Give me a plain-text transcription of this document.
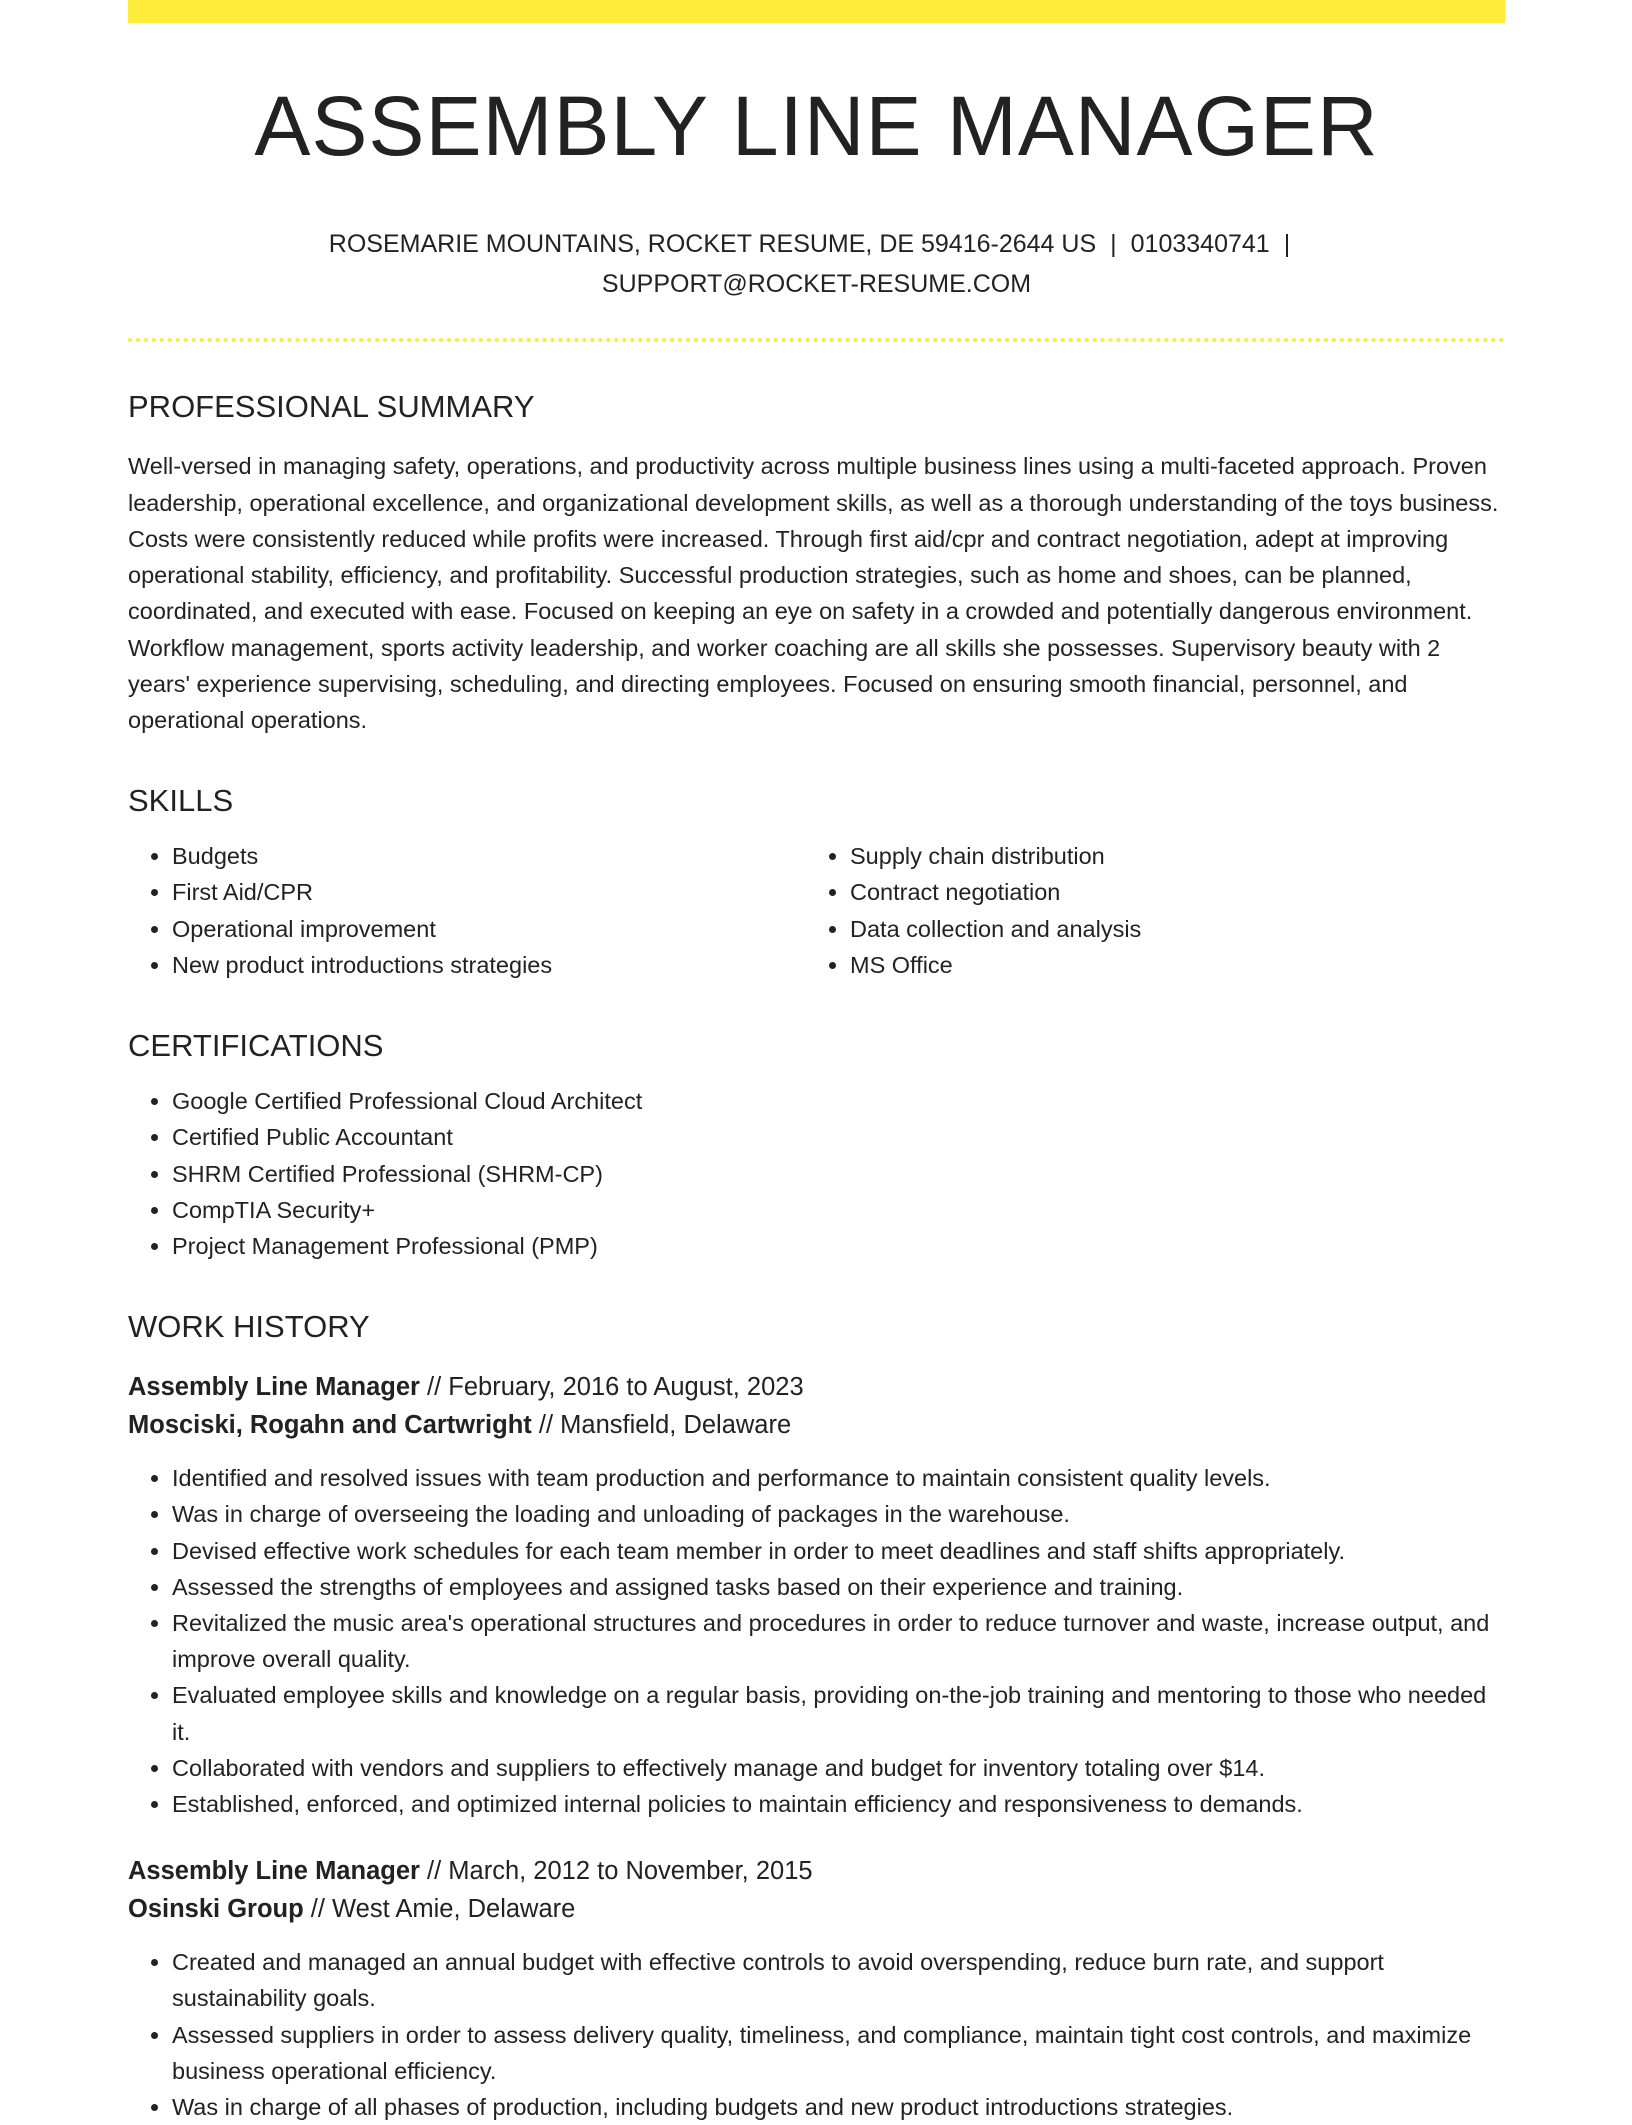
ASSEMBLY LINE MANAGER
ROSEMARIE MOUNTAINS, ROCKET RESUME, DE 59416-2644 US | 0103340741 |
SUPPORT@ROCKET-RESUME.COM
PROFESSIONAL SUMMARY

Well-versed in managing safety, operations, and productivity across multiple business lines using a multi-faceted approach. Proven leadership, operational excellence, and organizational development skills, as well as a thorough understanding of the toys business. Costs were consistently reduced while profits were increased. Through first aid/cpr and contract negotiation, adept at improving operational stability, efficiency, and profitability. Successful production strategies, such as home and shoes, can be planned, coordinated, and executed with ease. Focused on keeping an eye on safety in a crowded and potentially dangerous environment. Workflow management, sports activity leadership, and worker coaching are all skills she possesses. Supervisory beauty with 2 years' experience supervising, scheduling, and directing employees. Focused on ensuring smooth financial, personnel, and operational operations.

SKILLS
• Budgets
• First Aid/CPR
• Operational improvement
• New product introductions strategies
• Supply chain distribution
• Contract negotiation
• Data collection and analysis
• MS Office
CERTIFICATIONS
• Google Certified Professional Cloud Architect
• Certified Public Accountant
• SHRM Certified Professional (SHRM-CP)
• CompTIA Security+
• Project Management Professional (PMP)
WORK HISTORY
Assembly Line Manager // February, 2016 to August, 2023
Mosciski, Rogahn and Cartwright // Mansfield, Delaware
• Identified and resolved issues with team production and performance to maintain consistent quality levels.
• Was in charge of overseeing the loading and unloading of packages in the warehouse.
• Devised effective work schedules for each team member in order to meet deadlines and staff shifts appropriately.
• Assessed the strengths of employees and assigned tasks based on their experience and training.
• Revitalized the music area's operational structures and procedures in order to reduce turnover and waste, increase output, and improve overall quality.
• Evaluated employee skills and knowledge on a regular basis, providing on-the-job training and mentoring to those who needed it.
• Collaborated with vendors and suppliers to effectively manage and budget for inventory totaling over $14.
• Established, enforced, and optimized internal policies to maintain efficiency and responsiveness to demands.
Assembly Line Manager // March, 2012 to November, 2015
Osinski Group // West Amie, Delaware
• Created and managed an annual budget with effective controls to avoid overspending, reduce burn rate, and support sustainability goals.
• Assessed suppliers in order to assess delivery quality, timeliness, and compliance, maintain tight cost controls, and maximize business operational efficiency.
• Was in charge of all phases of production, including budgets and new product introductions strategies.
